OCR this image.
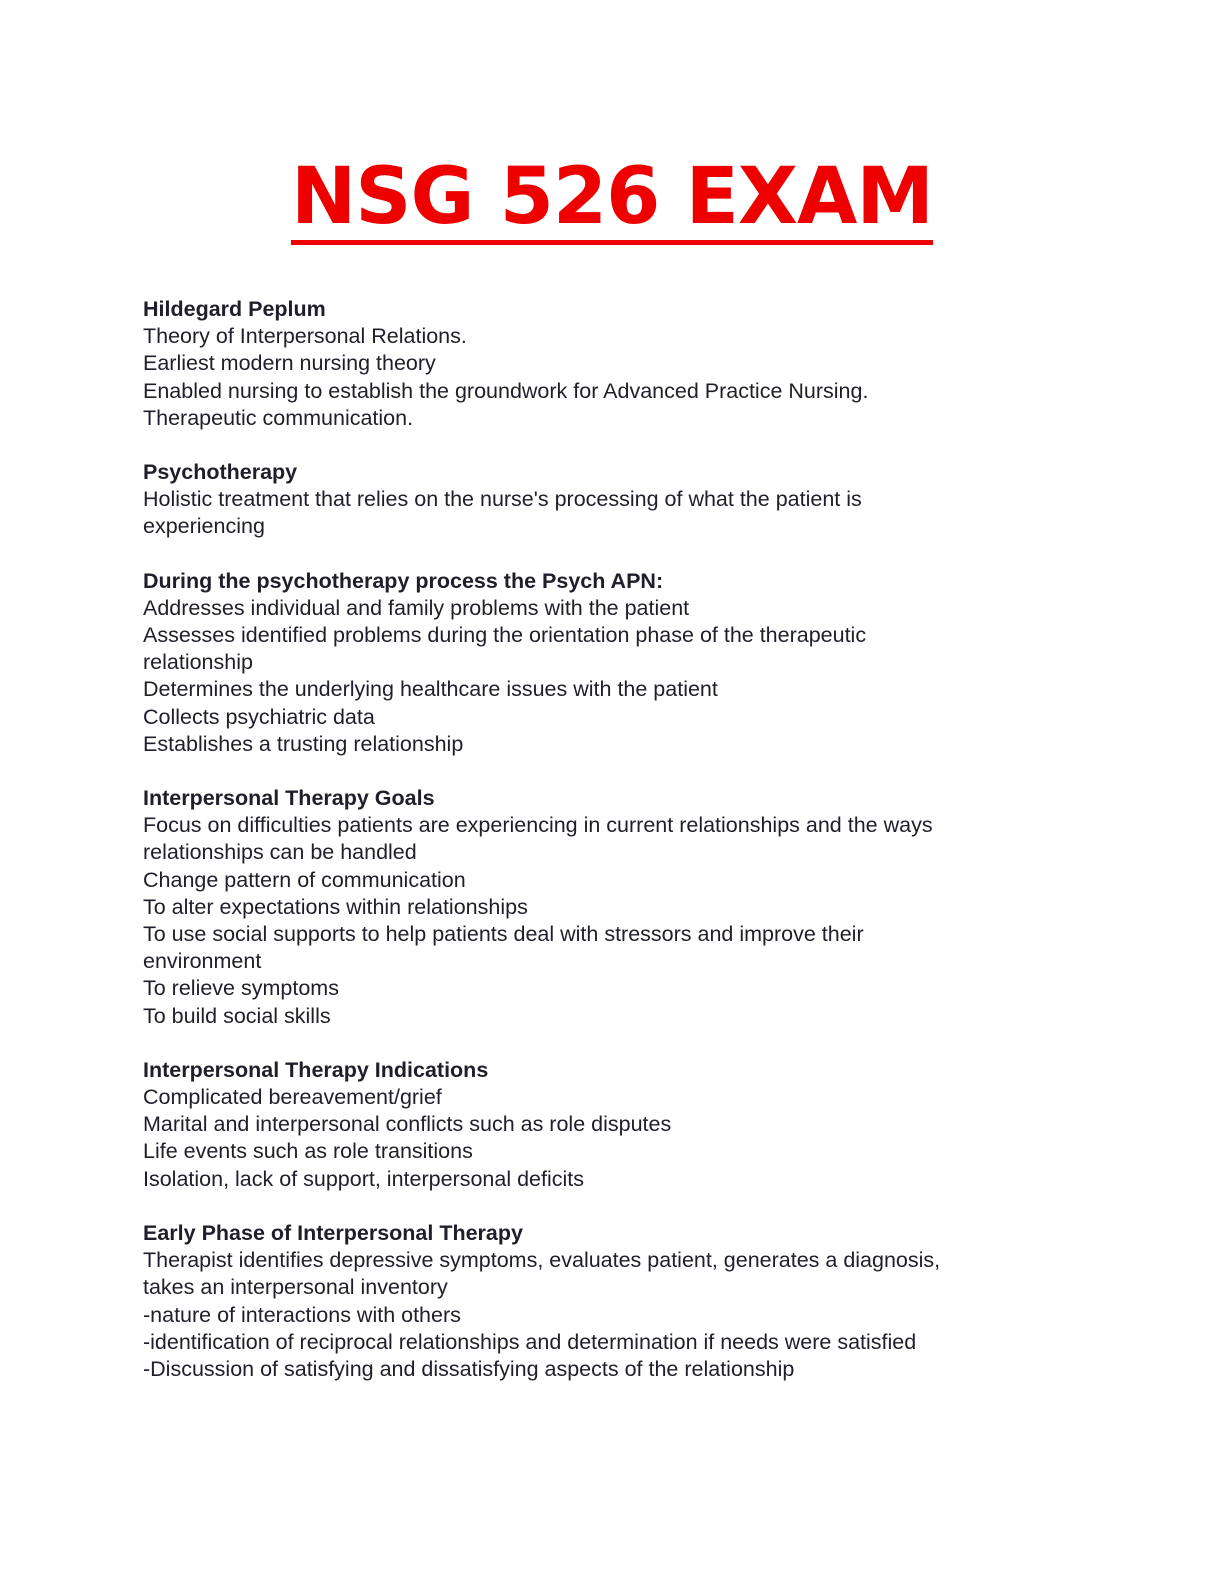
NSG 526 EXAM

Hildegard Peplum

Theory of Interpersonal Relations.

Earliest modern nursing theory

Enabled nursing to establish the groundwork for Advanced Practice Nursing.

Therapeutic communication.

Psychotherapy

Holistic treatment that relies on the nurse's processing of what the patient is

experiencing

During the psychotherapy process the Psych APN:

Addresses individual and family problems with the patient

Assesses identified problems during the orientation phase of the therapeutic

relationship

Determines the underlying healthcare issues with the patient

Collects psychiatric data

Establishes a trusting relationship

Interpersonal Therapy Goals

Focus on difficulties patients are experiencing in current relationships and the ways

relationships can be handled

Change pattern of communication

To alter expectations within relationships

To use social supports to help patients deal with stressors and improve their

environment

To relieve symptoms

To build social skills

Interpersonal Therapy Indications

Complicated bereavement/grief

Marital and interpersonal conflicts such as role disputes

Life events such as role transitions

Isolation, lack of support, interpersonal deficits

Early Phase of Interpersonal Therapy

Therapist identifies depressive symptoms, evaluates patient, generates a diagnosis,

takes an interpersonal inventory

-nature of interactions with others

-identification of reciprocal relationships and determination if needs were satisfied

-Discussion of satisfying and dissatisfying aspects of the relationship
